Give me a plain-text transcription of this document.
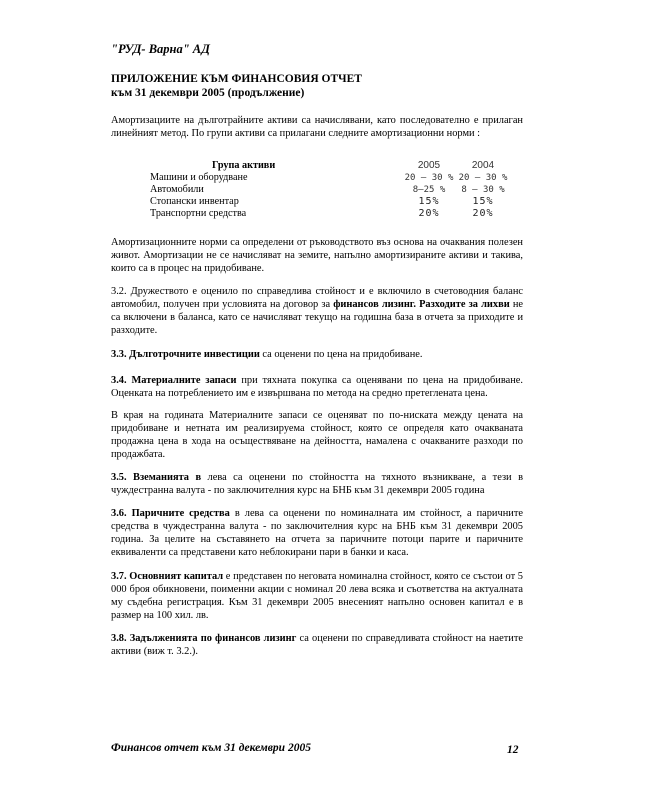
"РУД- Варна" АД
ПРИЛОЖЕНИЕ КЪМ ФИНАНСОВИЯ ОТЧЕТ
към 31 декември 2005 (продължение)
Амортизациите на дълготрайните активи са начислявани, като последователно е прилаган линейният метод. По групи активи са прилагани следните амортизационни норми :
Група активи	2005	2004
Машини и оборудване	20 – 30 %	20 – 30 %
Автомобили	8–25 %	8 – 30 %
Стопански инвентар	15%	15%
Транспортни средства	20%	20%
Амортизационните норми са определени от ръководството въз основа на очаквания полезен живот. Амортизации не се начисляват на земите, напълно амортизираните активи и такива, които са в процес на придобиване.
3.2. Дружеството е оценило по справедлива стойност и е включило в счетоводния баланс автомобил, получен при условията на договор за финансов лизинг. Разходите за лихви не са включени в баланса, като се начисляват текущо на годишна база в отчета за приходите и разходите.
3.3. Дълготрочните инвестиции са оценени по цена на придобиване.
3.4. Материалните запаси при тяхната покупка са оценявани по цена на придобиване. Оценката на потреблението им е извършвана по метода на средно претеглената цена.
В края на годината Материалните запаси се оценяват по по-ниската между цената на придобиване и нетната им реализируема стойност, която се определя като очакваната продажна цена в хода на осъществяване на дейността, намалена с очакваните разходи по продажбата.
3.5. Вземанията в лева са оценени по стойността на тяхното възникване, а тези в чуждестранна валута - по заключителния курс на БНБ към 31 декември 2005 година
3.6. Паричните средства в лева са оценени по номиналната им стойност, а паричните средства в чуждестранна валута - по заключителния курс на БНБ към 31 декември 2005 година. За целите на съставянето на отчета за паричните потоци парите и паричните еквиваленти са представени като неблокирани пари в банки и каса.
3.7. Основният капитал е представен по неговата номинална стойност, която се състои от 5 000 броя обикновени, поименни акции с номинал 20 лева всяка и съответства на актуалната му съдебна регистрация. Към 31 декември 2005 внесеният напълно основен капитал е в размер на 100 хил. лв.
3.8. Задълженията по финансов лизинг са оценени по справедливата стойност на наетите активи (виж т. 3.2.).
Финансов отчет към 31 декември 2005	12
